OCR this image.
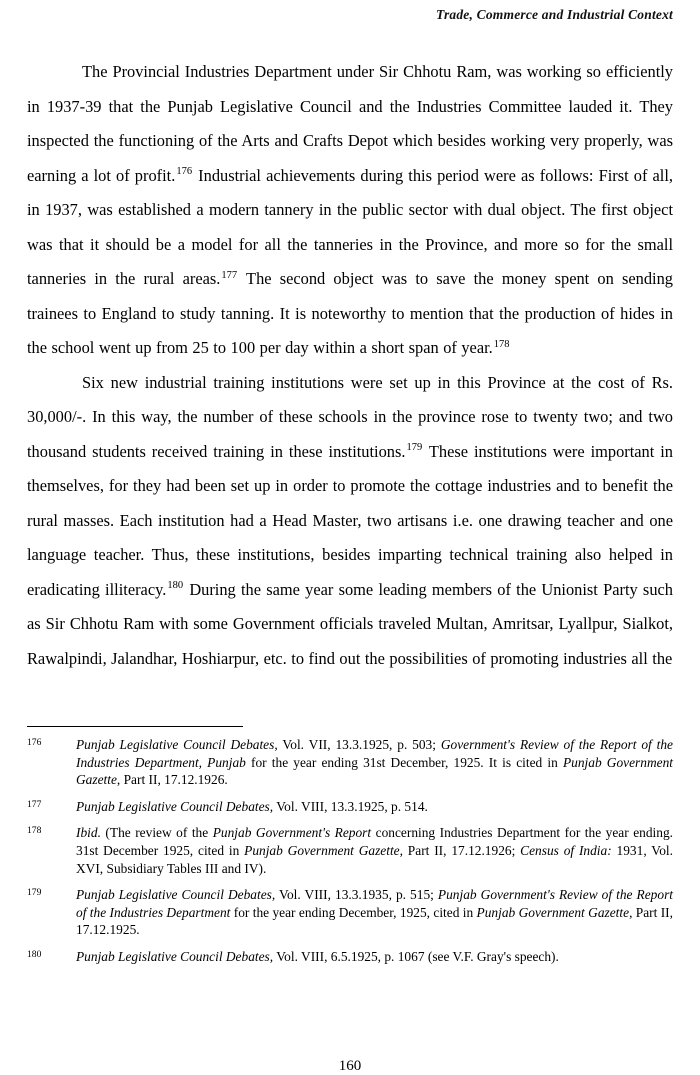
Trade, Commerce and Industrial Context

The Provincial Industries Department under Sir Chhotu Ram, was working so efficiently in 1937-39 that the Punjab Legislative Council and the Industries Committee lauded it. They inspected the functioning of the Arts and Crafts Depot which besides working very properly, was earning a lot of profit.$^{176}$ Industrial achievements during this period were as follows: First of all, in 1937, was established a modern tannery in the public sector with dual object. The first object was that it should be a model for all the tanneries in the Province, and more so for the small tanneries in the rural areas.$^{177}$ The second object was to save the money spent on sending trainees to England to study tanning. It is noteworthy to mention that the production of hides in the school went up from 25 to 100 per day within a short span of year.$^{178}$

Six new industrial training institutions were set up in this Province at the cost of Rs. 30,000/-. In this way, the number of these schools in the province rose to twenty two; and two thousand students received training in these institutions.$^{179}$ These institutions were important in themselves, for they had been set up in order to promote the cottage industries and to benefit the rural masses. Each institution had a Head Master, two artisans i.e. one drawing teacher and one language teacher. Thus, these institutions, besides imparting technical training also helped in eradicating illiteracy.$^{180}$ During the same year some leading members of the Unionist Party such as Sir Chhotu Ram with some Government officials traveled Multan, Amritsar, Lyallpur, Sialkot, Rawalpindi, Jalandhar, Hoshiarpur, etc. to find out the possibilities of promoting industries all the

176	Punjab Legislative Council Debates, Vol. VII, 13.3.1925, p. 503; Government's Review of the Report of the Industries Department, Punjab for the year ending 31st December, 1925. It is cited in Punjab Government Gazette, Part II, 17.12.1926.
177	Punjab Legislative Council Debates, Vol. VIII, 13.3.1925, p. 514.
178	Ibid. (The review of the Punjab Government's Report concerning Industries Department for the year ending. 31st December 1925, cited in Punjab Government Gazette, Part II, 17.12.1926; Census of India: 1931, Vol. XVI, Subsidiary Tables III and IV).
179	Punjab Legislative Council Debates, Vol. VIII, 13.3.1935, p. 515; Punjab Government's Review of the Report of the Industries Department for the year ending December, 1925, cited in Punjab Government Gazette, Part II, 17.12.1925.
180	Punjab Legislative Council Debates, Vol. VIII, 6.5.1925, p. 1067 (see V.F. Gray's speech).
160
